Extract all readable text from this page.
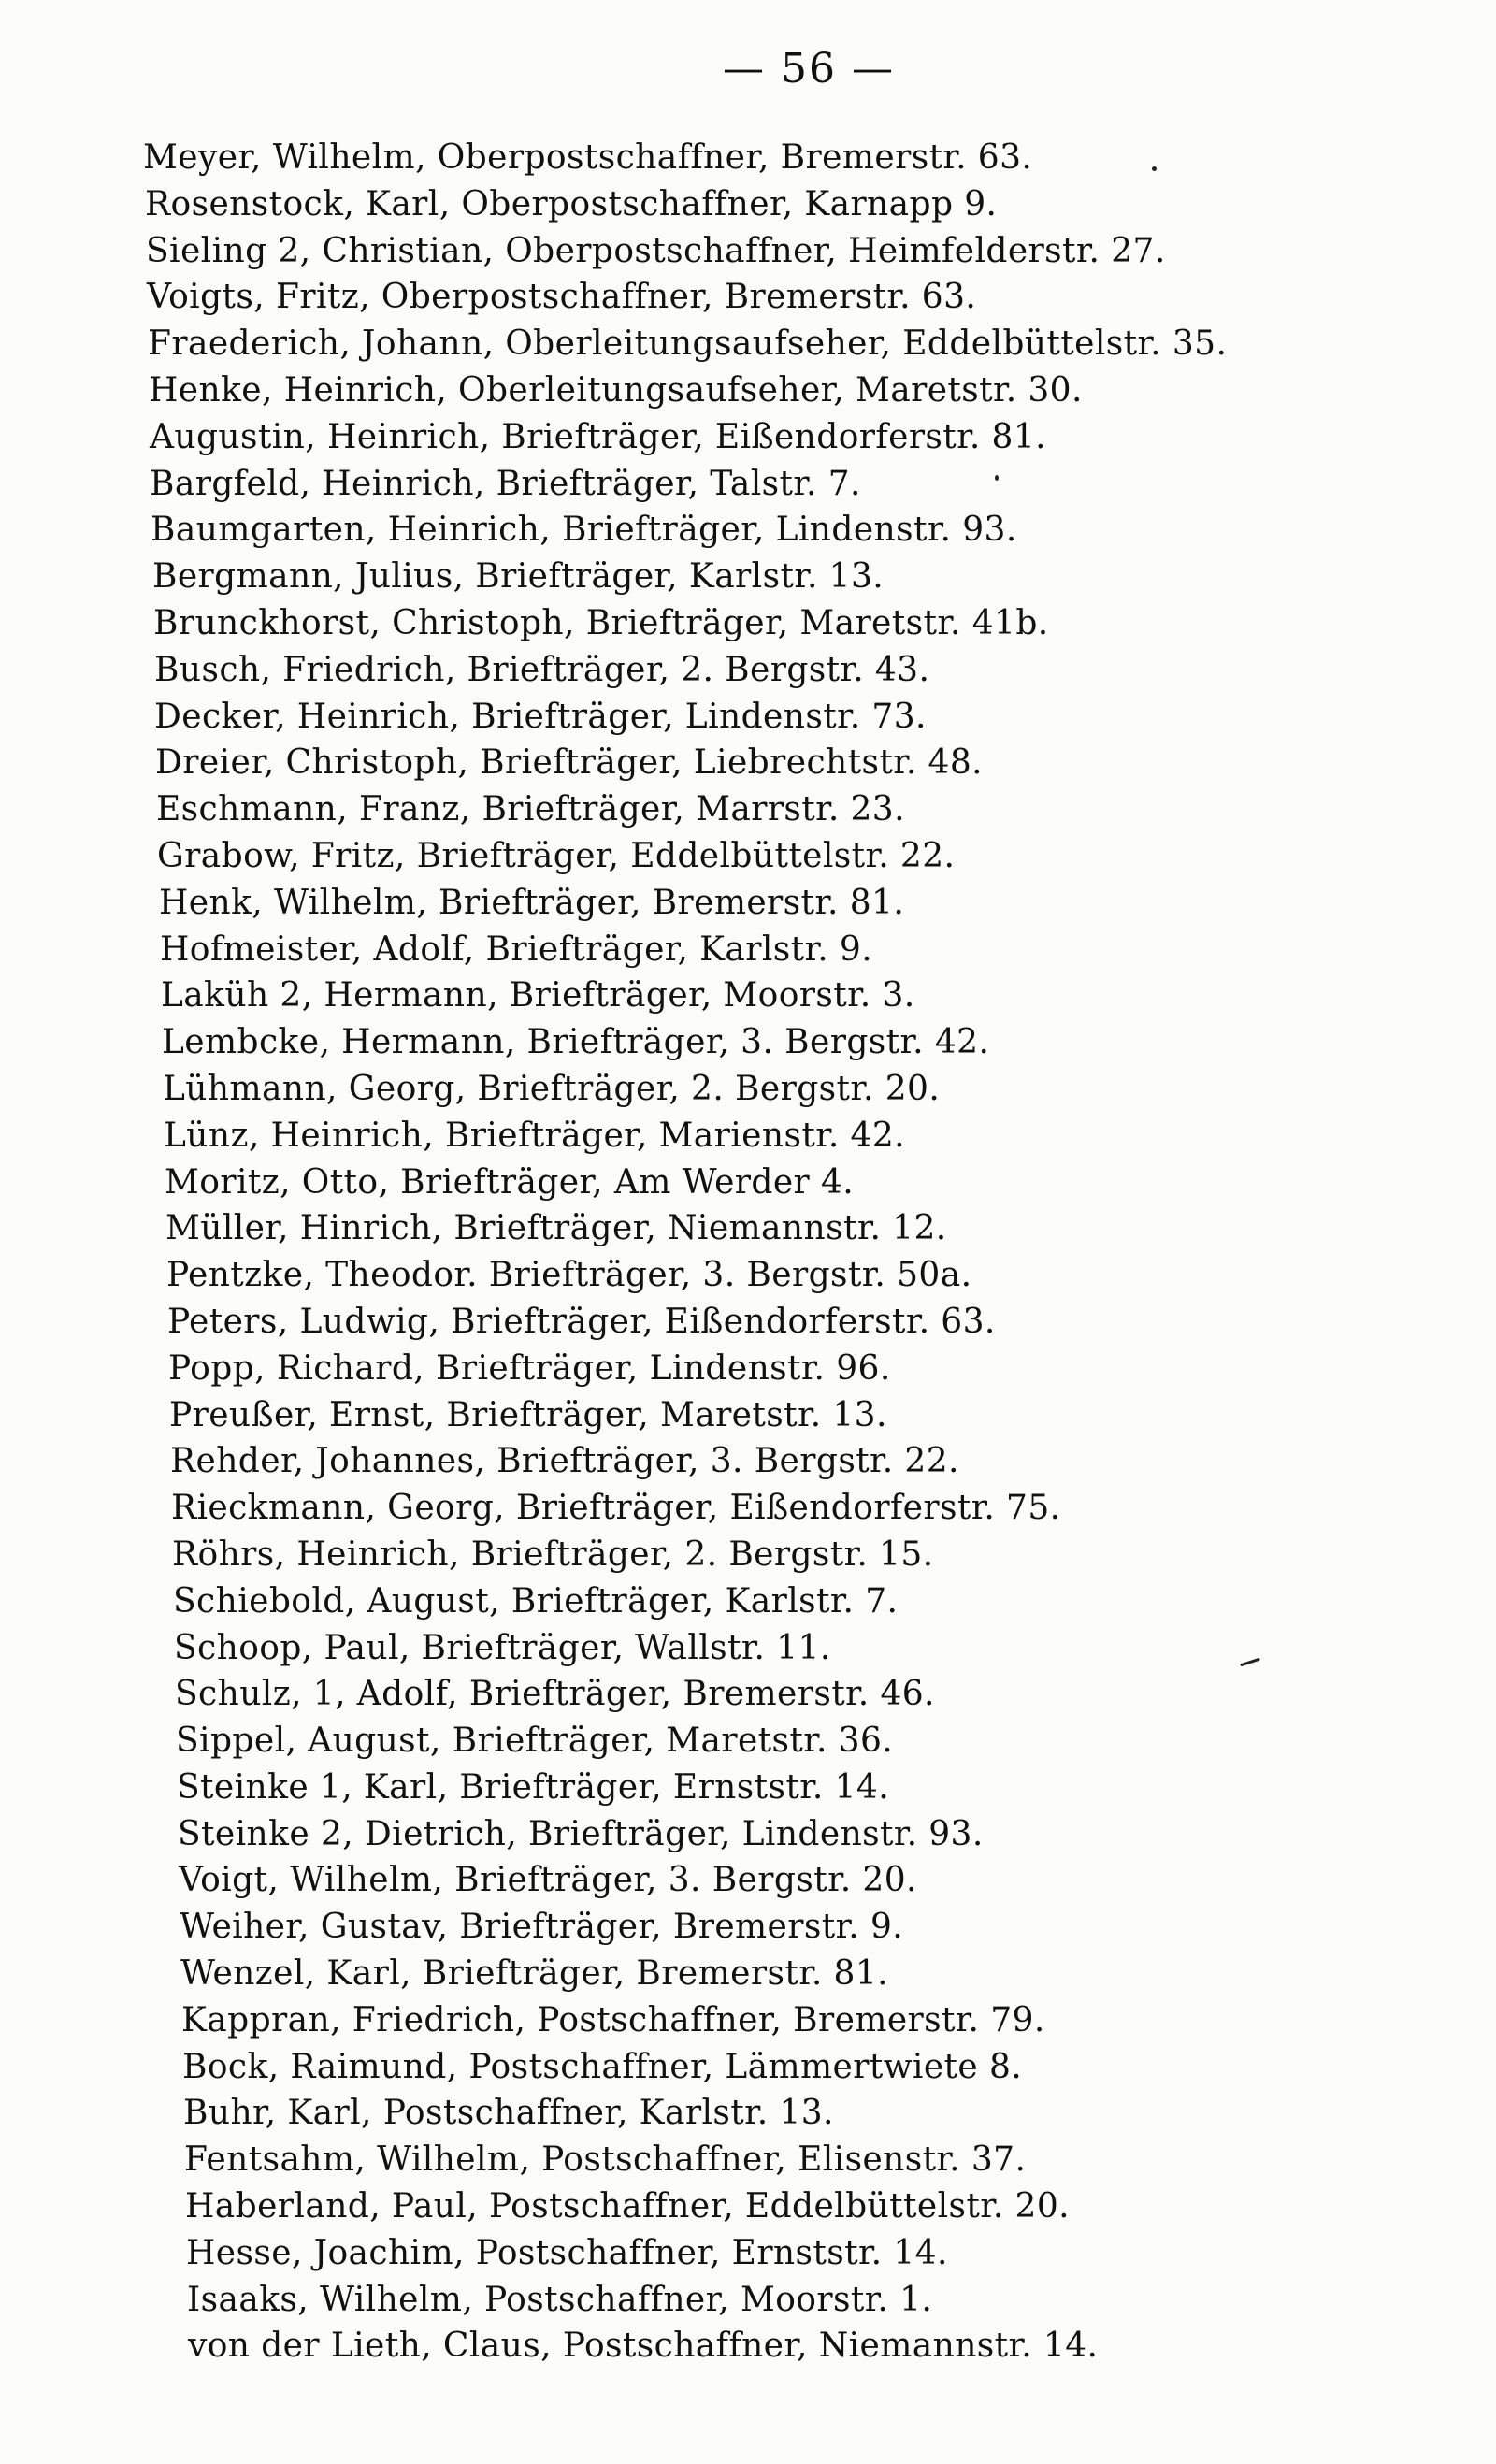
— 56 —
Meyer, Wilhelm, Oberpostschaffner, Bremerstr. 63.
Rosenstock, Karl, Oberpostschaffner, Karnapp 9.
Sieling 2, Christian, Oberpostschaffner, Heimfelderstr. 27.
Voigts, Fritz, Oberpostschaffner, Bremerstr. 63.
Fraederich, Johann, Oberleitungsaufseher, Eddelbüttelstr. 35.
Henke, Heinrich, Oberleitungsaufseher, Maretstr. 30.
Augustin, Heinrich, Briefträger, Eißendorferstr. 81.
Bargfeld, Heinrich, Briefträger, Talstr. 7.
Baumgarten, Heinrich, Briefträger, Lindenstr. 93.
Bergmann, Julius, Briefträger, Karlstr. 13.
Brunckhorst, Christoph, Briefträger, Maretstr. 41b.
Busch, Friedrich, Briefträger, 2. Bergstr. 43.
Decker, Heinrich, Briefträger, Lindenstr. 73.
Dreier, Christoph, Briefträger, Liebrechtstr. 48.
Eschmann, Franz, Briefträger, Marrstr. 23.
Grabow, Fritz, Briefträger, Eddelbüttelstr. 22.
Henk, Wilhelm, Briefträger, Bremerstr. 81.
Hofmeister, Adolf, Briefträger, Karlstr. 9.
Laküh 2, Hermann, Briefträger, Moorstr. 3.
Lembcke, Hermann, Briefträger, 3. Bergstr. 42.
Lühmann, Georg, Briefträger, 2. Bergstr. 20.
Lünz, Heinrich, Briefträger, Marienstr. 42.
Moritz, Otto, Briefträger, Am Werder 4.
Müller, Hinrich, Briefträger, Niemannstr. 12.
Pentzke, Theodor. Briefträger, 3. Bergstr. 50a.
Peters, Ludwig, Briefträger, Eißendorferstr. 63.
Popp, Richard, Briefträger, Lindenstr. 96.
Preußer, Ernst, Briefträger, Maretstr. 13.
Rehder, Johannes, Briefträger, 3. Bergstr. 22.
Rieckmann, Georg, Briefträger, Eißendorferstr. 75.
Röhrs, Heinrich, Briefträger, 2. Bergstr. 15.
Schiebold, August, Briefträger, Karlstr. 7.
Schoop, Paul, Briefträger, Wallstr. 11.
Schulz, 1, Adolf, Briefträger, Bremerstr. 46.
Sippel, August, Briefträger, Maretstr. 36.
Steinke 1, Karl, Briefträger, Ernststr. 14.
Steinke 2, Dietrich, Briefträger, Lindenstr. 93.
Voigt, Wilhelm, Briefträger, 3. Bergstr. 20.
Weiher, Gustav, Briefträger, Bremerstr. 9.
Wenzel, Karl, Briefträger, Bremerstr. 81.
Kappran, Friedrich, Postschaffner, Bremerstr. 79.
Bock, Raimund, Postschaffner, Lämmertwiete 8.
Buhr, Karl, Postschaffner, Karlstr. 13.
Fentsahm, Wilhelm, Postschaffner, Elisenstr. 37.
Haberland, Paul, Postschaffner, Eddelbüttelstr. 20.
Hesse, Joachim, Postschaffner, Ernststr. 14.
Isaaks, Wilhelm, Postschaffner, Moorstr. 1.
von der Lieth, Claus, Postschaffner, Niemannstr. 14.
